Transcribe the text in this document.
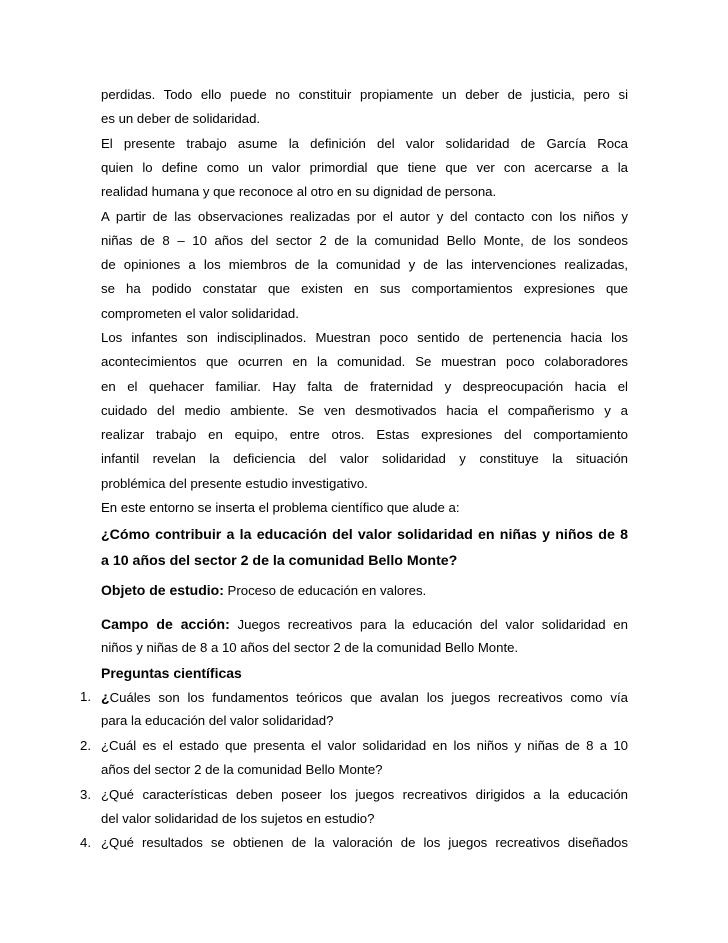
perdidas. Todo ello puede no constituir propiamente un deber de justicia, pero si
es un deber de solidaridad.
El presente trabajo asume la definición del valor solidaridad de García Roca
quien lo define como un valor primordial que tiene que ver con acercarse a la
realidad humana y que reconoce al otro en su dignidad de persona.
A partir de las observaciones realizadas por el autor y del contacto con los niños y
niñas de 8 – 10 años del sector 2 de la comunidad Bello Monte, de los sondeos
de opiniones a los miembros de la comunidad y de las intervenciones realizadas,
se ha podido constatar que existen en sus comportamientos expresiones que
comprometen el valor solidaridad.
Los infantes son indisciplinados. Muestran poco sentido de pertenencia hacia los
acontecimientos que ocurren en la comunidad. Se muestran poco colaboradores
en el quehacer familiar. Hay falta de fraternidad y despreocupación hacia el
cuidado del medio ambiente. Se ven desmotivados hacia el compañerismo y a
realizar trabajo en equipo, entre otros. Estas expresiones del comportamiento
infantil revelan la deficiencia del valor solidaridad y constituye la situación
problémica del presente estudio investigativo.
En este entorno se inserta el problema científico que alude a:
¿Cómo contribuir a la educación del valor solidaridad en niñas y niños de 8
a 10 años del sector 2 de la comunidad Bello Monte?
Objeto de estudio: Proceso de educación en valores.
Campo de acción: Juegos recreativos para la educación del valor solidaridad en
niños y niñas de 8 a 10 años del sector 2 de la comunidad Bello Monte.
Preguntas científicas
1. ¿Cuáles son los fundamentos teóricos que avalan los juegos recreativos como vía
para la educación del valor solidaridad?
2. ¿Cuál es el estado que presenta el valor solidaridad en los niños y niñas de 8 a 10
años del sector 2 de la comunidad Bello Monte?
3. ¿Qué características deben poseer los juegos recreativos dirigidos a la educación
del valor solidaridad de los sujetos en estudio?
4. ¿Qué resultados se obtienen de la valoración de los juegos recreativos diseñados
